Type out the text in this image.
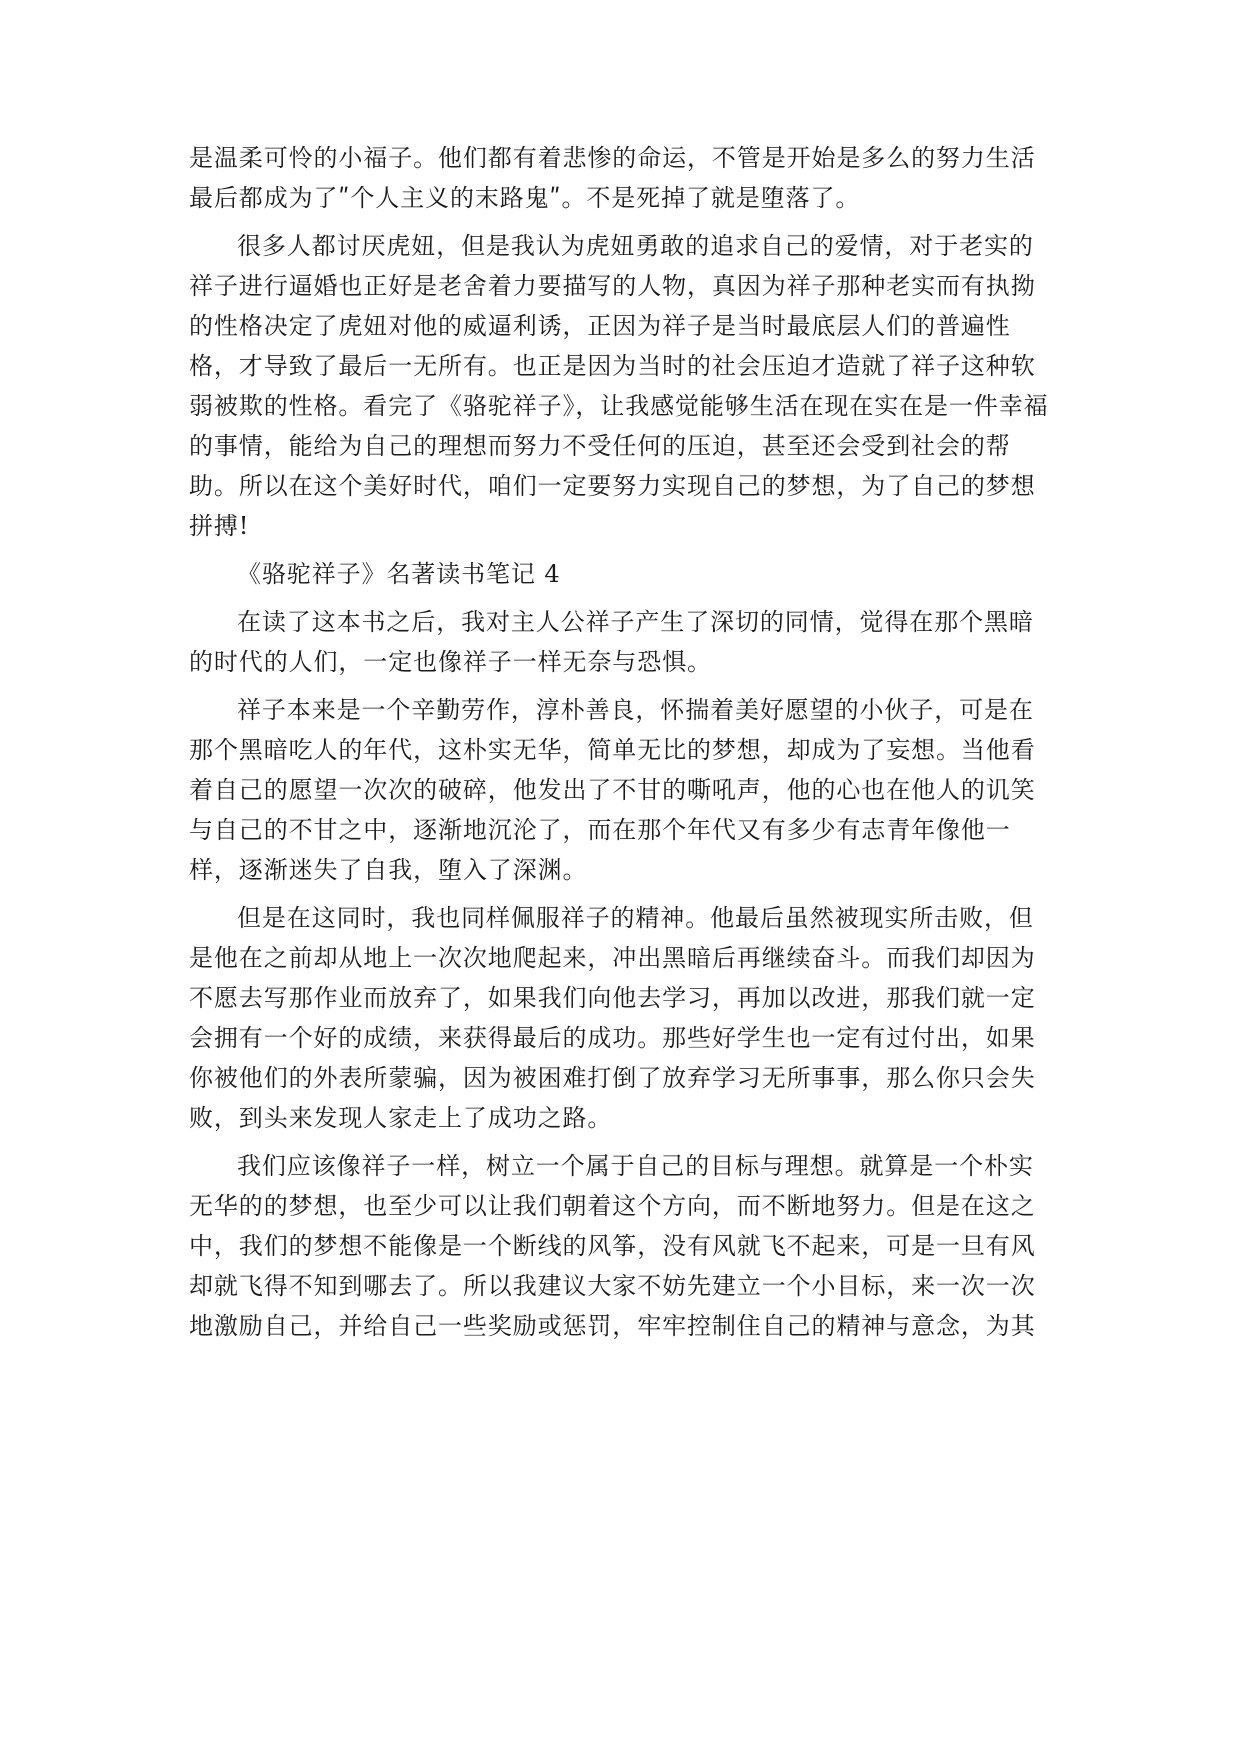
是温柔可怜的小福子。他们都有着悲惨的命运，不管是开始是多么的努力生活
最后都成为了ʺ个人主义的末路鬼ʺ。不是死掉了就是堕落了。
很多人都讨厌虎妞，但是我认为虎妞勇敢的追求自己的爱情，对于老实的
祥子进行逼婚也正好是老舍着力要描写的人物，真因为祥子那种老实而有执拗
的性格决定了虎妞对他的威逼利诱，正因为祥子是当时最底层人们的普遍性
格，才导致了最后一无所有。也正是因为当时的社会压迫才造就了祥子这种软
弱被欺的性格。看完了《骆驼祥子》，让我感觉能够生活在现在实在是一件幸福
的事情，能给为自己的理想而努力不受任何的压迫，甚至还会受到社会的帮
助。所以在这个美好时代，咱们一定要努力实现自己的梦想，为了自己的梦想
拼搏!
《骆驼祥子》名著读书笔记 4
在读了这本书之后，我对主人公祥子产生了深切的同情，觉得在那个黑暗
的时代的人们，一定也像祥子一样无奈与恐惧。
祥子本来是一个辛勤劳作，淳朴善良，怀揣着美好愿望的小伙子，可是在
那个黑暗吃人的年代，这朴实无华，简单无比的梦想，却成为了妄想。当他看
着自己的愿望一次次的破碎，他发出了不甘的嘶吼声，他的心也在他人的讥笑
与自己的不甘之中，逐渐地沉沦了，而在那个年代又有多少有志青年像他一
样，逐渐迷失了自我，堕入了深渊。
但是在这同时，我也同样佩服祥子的精神。他最后虽然被现实所击败，但
是他在之前却从地上一次次地爬起来，冲出黑暗后再继续奋斗。而我们却因为
不愿去写那作业而放弃了，如果我们向他去学习，再加以改进，那我们就一定
会拥有一个好的成绩，来获得最后的成功。那些好学生也一定有过付出，如果
你被他们的外表所蒙骗，因为被困难打倒了放弃学习无所事事，那么你只会失
败，到头来发现人家走上了成功之路。
我们应该像祥子一样，树立一个属于自己的目标与理想。就算是一个朴实
无华的的梦想，也至少可以让我们朝着这个方向，而不断地努力。但是在这之
中，我们的梦想不能像是一个断线的风筝，没有风就飞不起来，可是一旦有风
却就飞得不知到哪去了。所以我建议大家不妨先建立一个小目标，来一次一次
地激励自己，并给自己一些奖励或惩罚，牢牢控制住自己的精神与意念，为其
